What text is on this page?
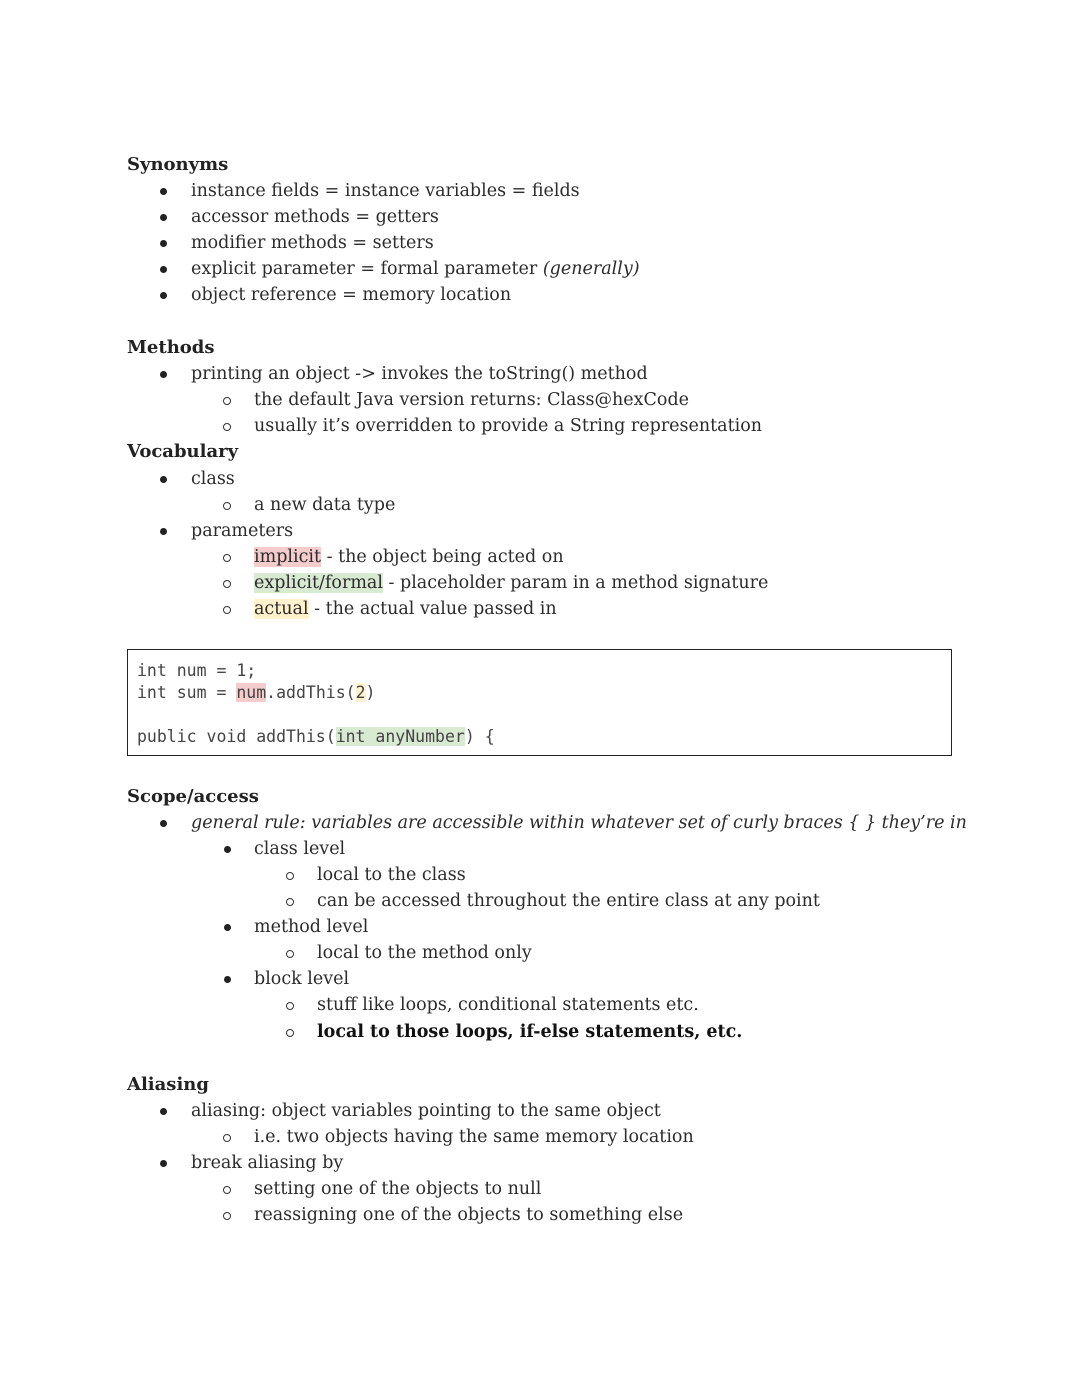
Synonyms
instance fields = instance variables = fields
accessor methods = getters
modifier methods = setters
explicit parameter = formal parameter (generally)
object reference = memory location
Methods
printing an object -> invokes the toString() method
the default Java version returns: Class@hexCode
usually it’s overridden to provide a String representation
Vocabulary
class
a new data type
parameters
implicit - the object being acted on
explicit/formal - placeholder param in a method signature
actual - the actual value passed in
int num = 1;
int sum = num.addThis(2)
public void addThis(int anyNumber) {
Scope/access
general rule: variables are accessible within whatever set of curly braces { } they’re in
class level
local to the class
can be accessed throughout the entire class at any point
method level
local to the method only
block level
stuff like loops, conditional statements etc.
local to those loops, if-else statements, etc.
Aliasing
aliasing: object variables pointing to the same object
i.e. two objects having the same memory location
break aliasing by
setting one of the objects to null
reassigning one of the objects to something else
